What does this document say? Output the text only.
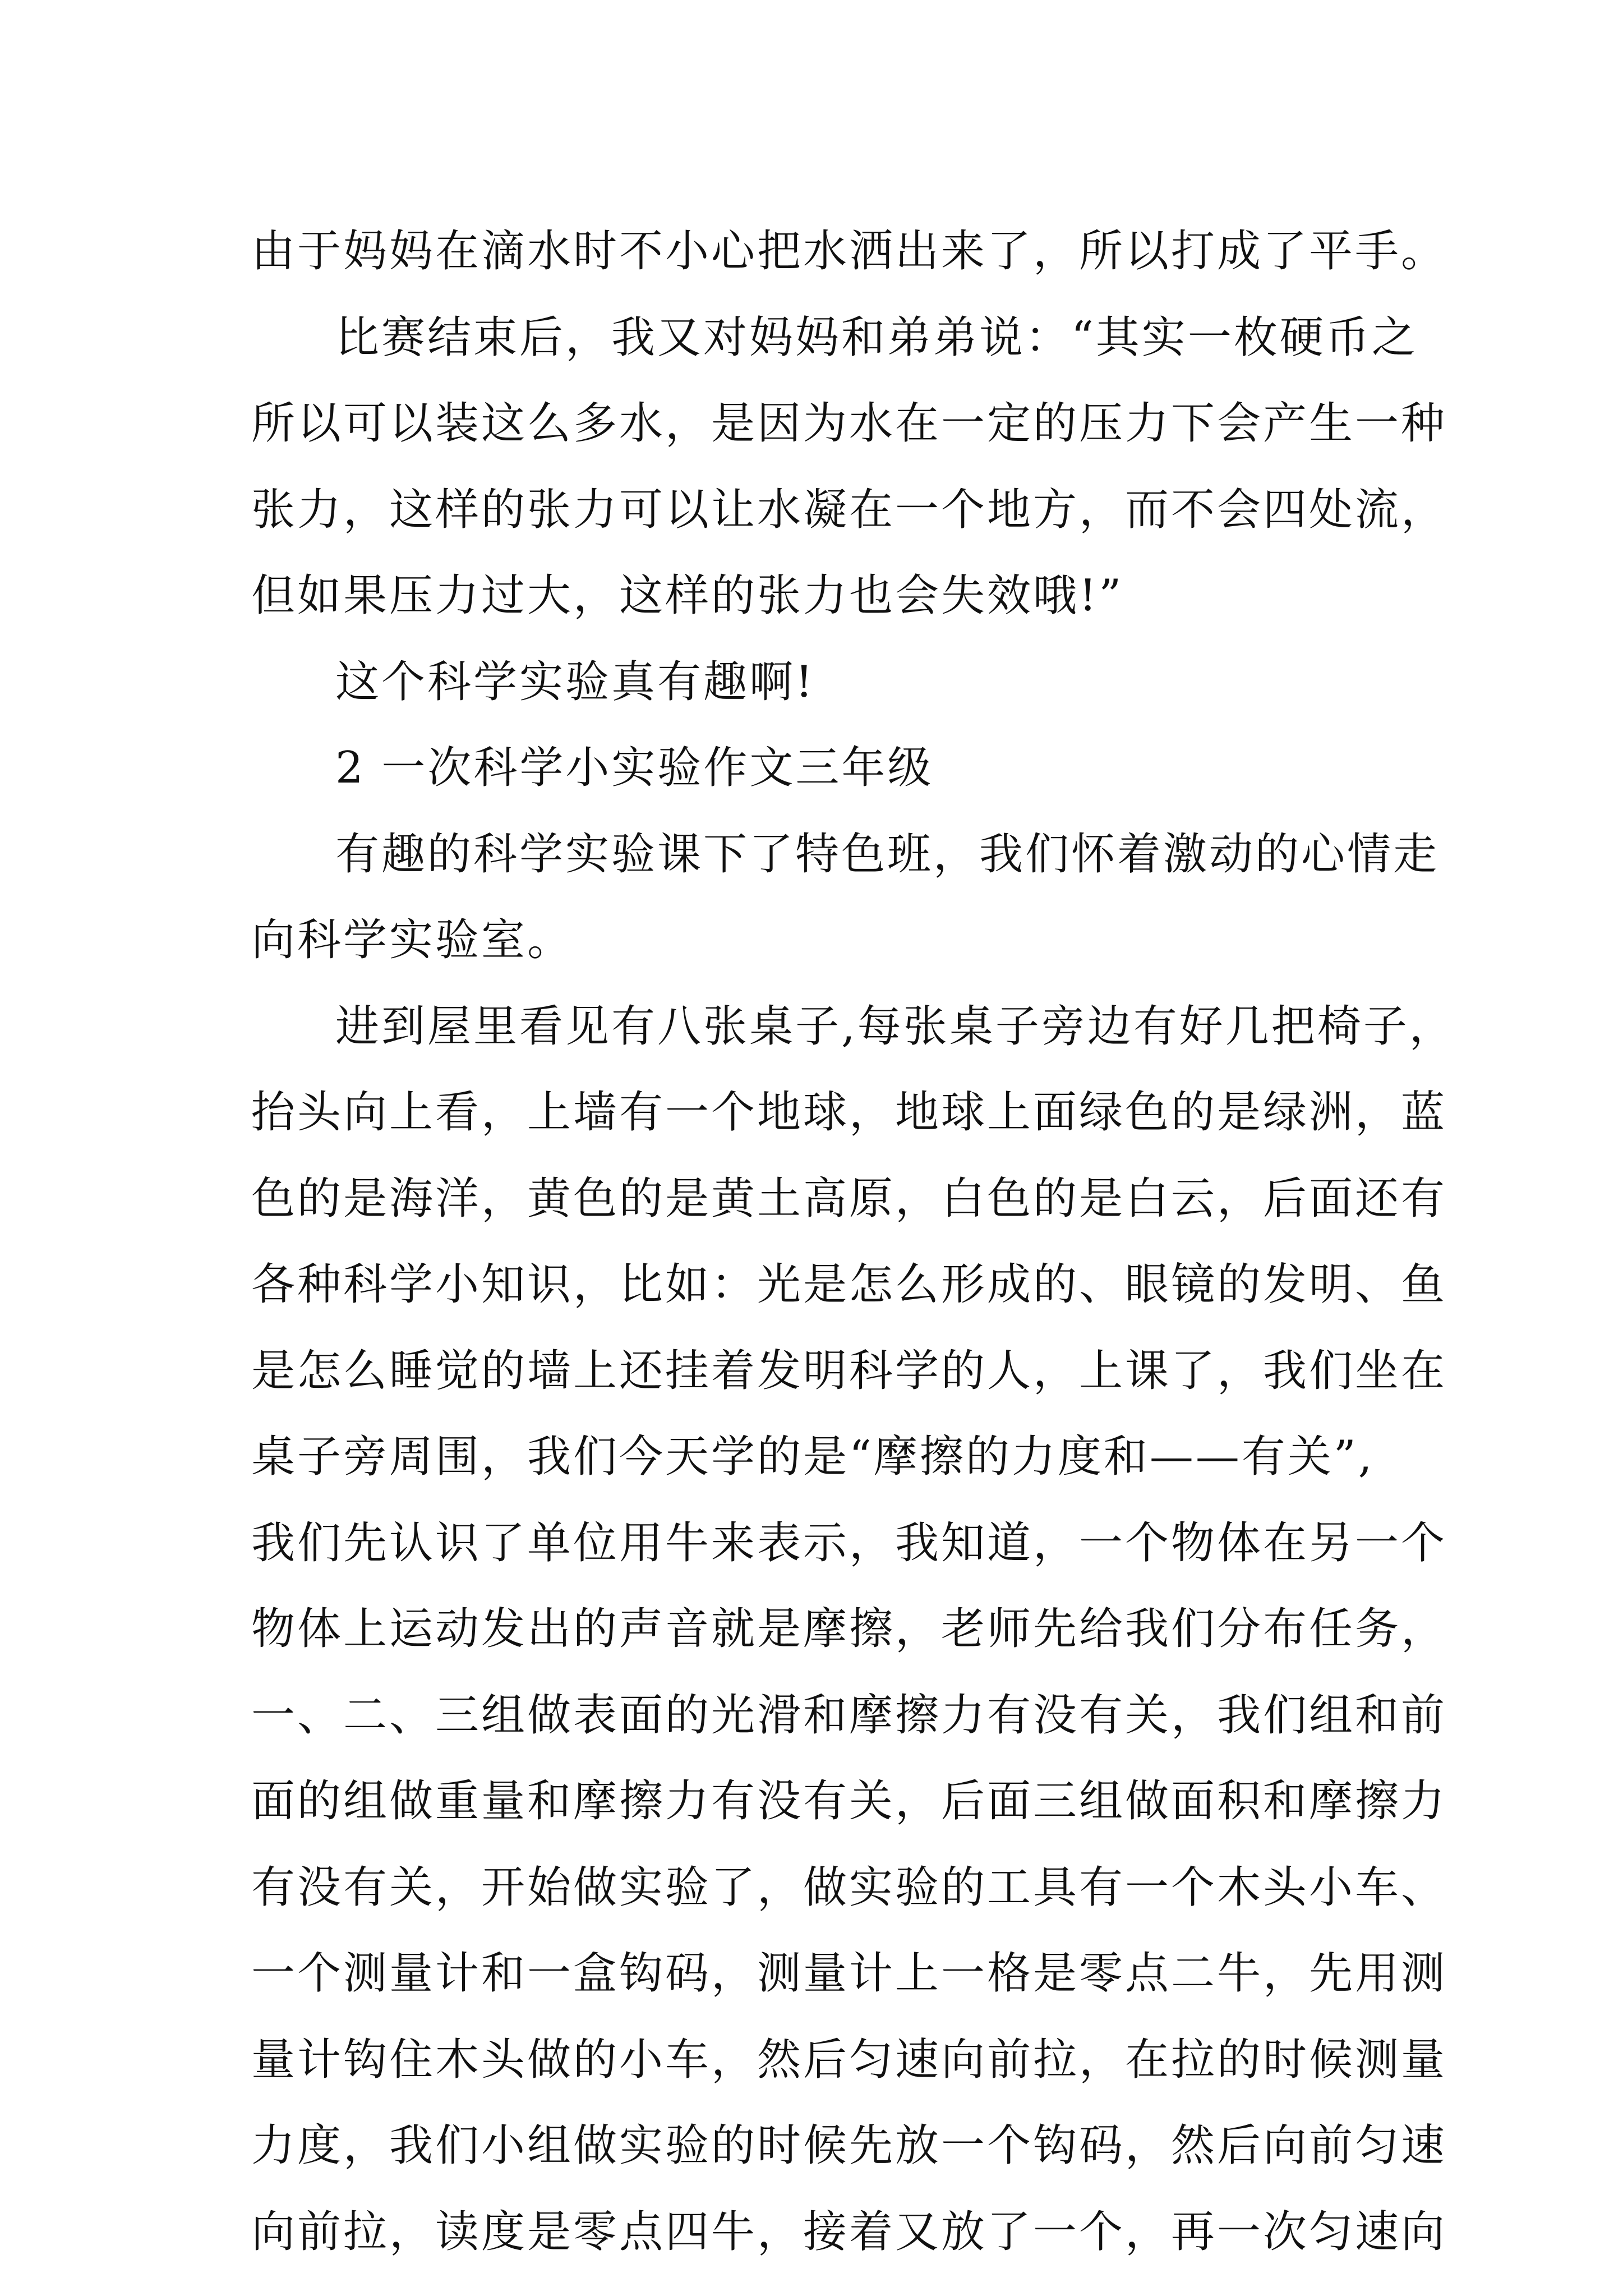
由于妈妈在滴水时不小心把水洒出来了，所以打成了平手。
比赛结束后，我又对妈妈和弟弟说：“其实一枚硬币之
所以可以装这么多水，是因为水在一定的压力下会产生一种
张力，这样的张力可以让水凝在一个地方，而不会四处流，
但如果压力过大，这样的张力也会失效哦!”
这个科学实验真有趣啊!
2 一次科学小实验作文三年级
有趣的科学实验课下了特色班，我们怀着激动的心情走
向科学实验室。
进到屋里看见有八张桌子,每张桌子旁边有好几把椅子，
抬头向上看，上墙有一个地球，地球上面绿色的是绿洲，蓝
色的是海洋，黄色的是黄土高原，白色的是白云，后面还有
各种科学小知识，比如：光是怎么形成的、眼镜的发明、鱼
是怎么睡觉的墙上还挂着发明科学的人，上课了，我们坐在
桌子旁周围，我们今天学的是“摩擦的力度和——有关”,
我们先认识了单位用牛来表示，我知道，一个物体在另一个
物体上运动发出的声音就是摩擦，老师先给我们分布任务，
一、二、三组做表面的光滑和摩擦力有没有关，我们组和前
面的组做重量和摩擦力有没有关，后面三组做面积和摩擦力
有没有关，开始做实验了，做实验的工具有一个木头小车、
一个测量计和一盒钩码，测量计上一格是零点二牛，先用测
量计钩住木头做的小车，然后匀速向前拉，在拉的时候测量
力度，我们小组做实验的时候先放一个钩码，然后向前匀速
向前拉，读度是零点四牛，接着又放了一个，再一次匀速向
